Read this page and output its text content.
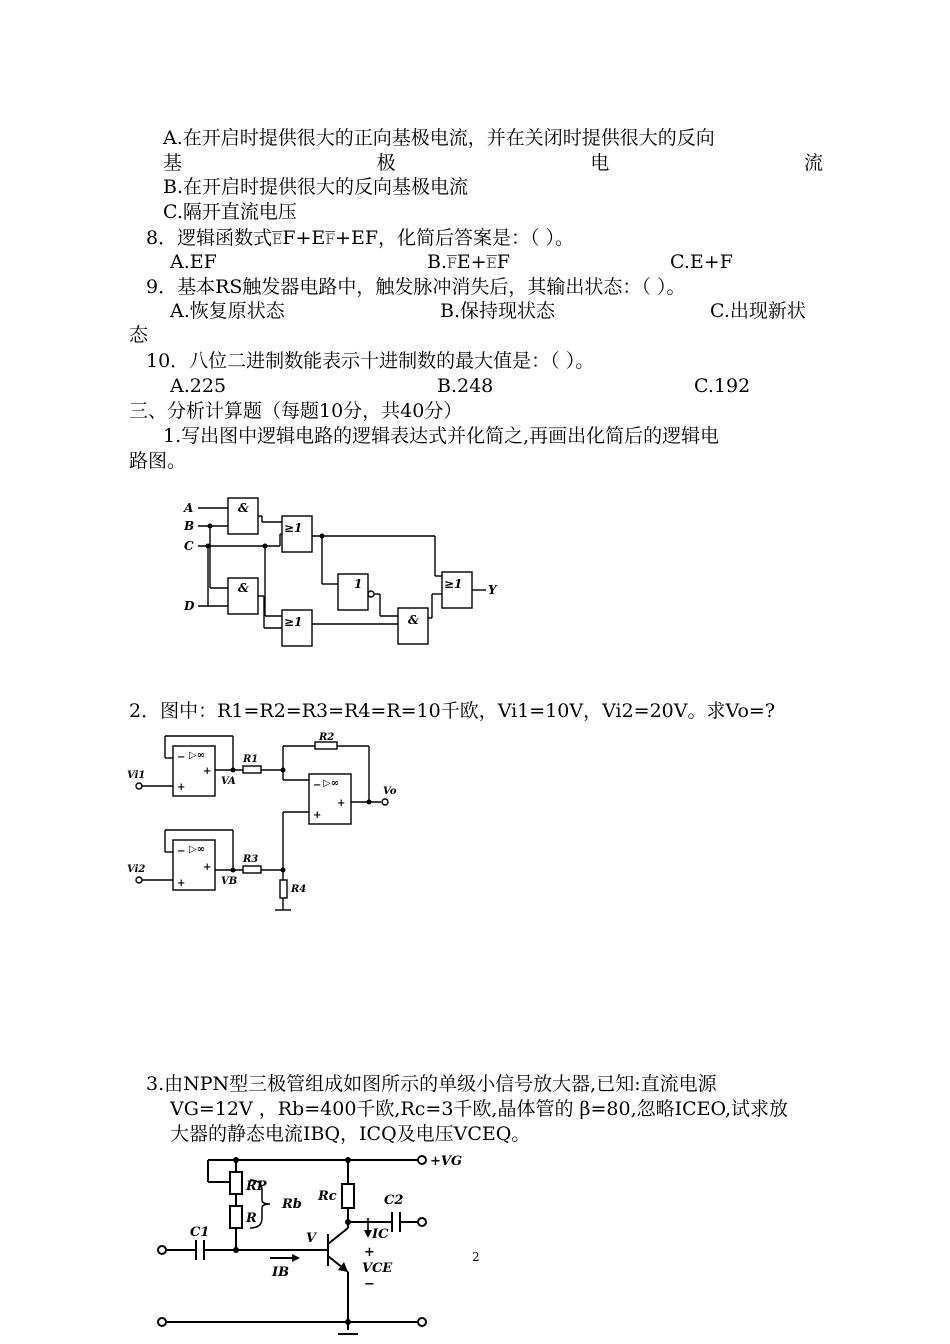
A.在开启时提供很大的正向基极电流，并在关闭时提供很大的反向
基	极	电	流
B.在开启时提供很大的反向基极电流
C.隔开直流电压
8．逻辑函数式$\overline{E}F+E\overline{F}+EF$，化简后答案是：（ ）。
A.EF	$B.\overline{F}E+\overline{E}F$	C.E+F
9．基本RS触发器电路中，触发脉冲消失后，其输出状态：（ ）。
A.恢复原状态	B.保持现状态	C.出现新状
态
10．八位二进制数能表示十进制数的最大值是：（ ）。
A.225	B.248	C.192
三、分析计算题（每题10分，共40分）
1.写出图中逻辑电路的逻辑表达式并化简之,再画出化简后的逻辑电
路图。
A
B
C
D
&
≥1
&
≥1
1
&
≥1 Y
2．图中：R1=R2=R3=R4=R=10千欧，Vi1=10V，Vi2=20V。求Vo=?
Vi1
Vi2
VA
VB
R1
R2
R3
R4
Vo
▷∞
▷∞
▷∞
−
+
+	−
+
+
−
+
+
3.由NPN型三极管组成如图所示的单级小信号放大器,已知:直流电源
VG=12V ，Rb=400千欧,Rc=3千欧,晶体管的 β=80,忽略ICEO,试求放
大器的静态电流IBQ，ICQ及电压VCEQ。
+VG
RP
R
Rb
Rc	C2
C1	V	IC
IB
+
VCE
−
2
